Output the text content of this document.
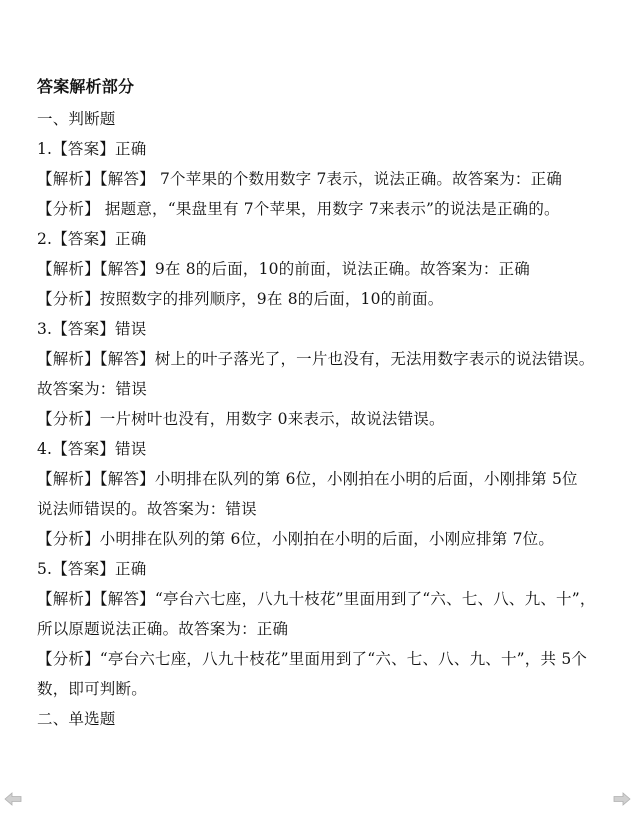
答案解析部分
一、判断题
1.【答案】正确
【解析】【解答】 7个苹果的个数用数字 7表示，说法正确。故答案为：正确
【分析】 据题意，“果盘里有 7个苹果，用数字 7来表示”的说法是正确的。
2.【答案】正确
【解析】【解答】9在 8的后面，10的前面，说法正确。故答案为：正确
【分析】按照数字的排列顺序，9在 8的后面，10的前面。
3.【答案】错误
【解析】【解答】树上的叶子落光了，一片也没有，无法用数字表示的说法错误。
故答案为：错误
【分析】一片树叶也没有，用数字 0来表示，故说法错误。
4.【答案】错误
【解析】【解答】小明排在队列的第 6位，小刚拍在小明的后面，小刚排第 5位
说法师错误的。故答案为：错误
【分析】小明排在队列的第 6位，小刚拍在小明的后面，小刚应排第 7位。
5.【答案】正确
【解析】【解答】“亭台六七座，八九十枝花”里面用到了“六、七、八、九、十”，
所以原题说法正确。故答案为：正确
【分析】“亭台六七座，八九十枝花”里面用到了“六、七、八、九、十”，共 5个
数，即可判断。
二、单选题
